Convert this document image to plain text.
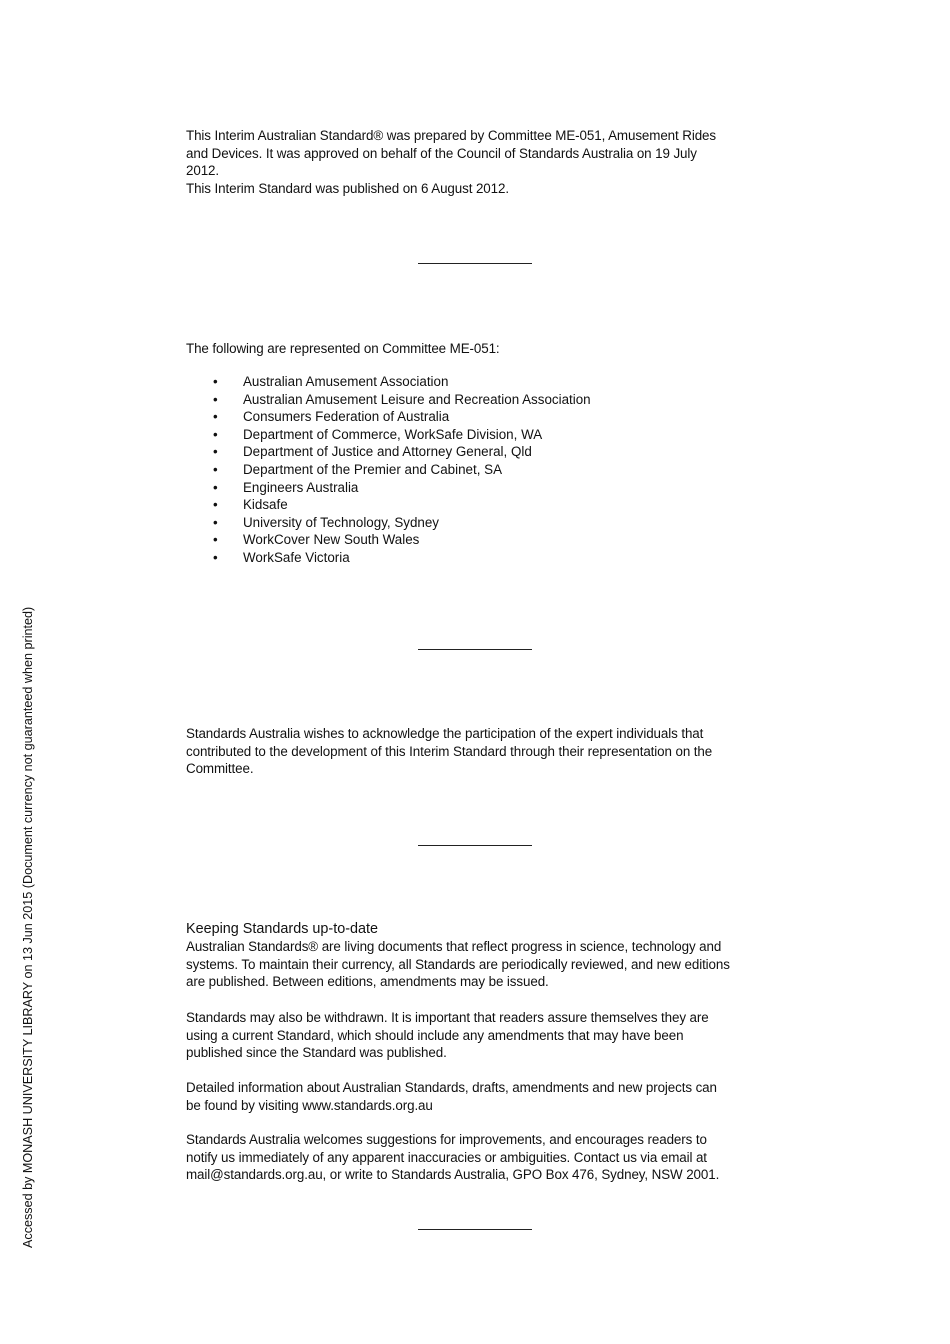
This Interim Australian Standard® was prepared by Committee ME-051, Amusement Rides
and Devices. It was approved on behalf of the Council of Standards Australia on 19 July
2012.
This Interim Standard was published on 6 August 2012.
The following are represented on Committee ME-051:
• Australian Amusement Association
• Australian Amusement Leisure and Recreation Association
• Consumers Federation of Australia
• Department of Commerce, WorkSafe Division, WA
• Department of Justice and Attorney General, Qld
• Department of the Premier and Cabinet, SA
• Engineers Australia
• Kidsafe
• University of Technology, Sydney
• WorkCover New South Wales
• WorkSafe Victoria
Standards Australia wishes to acknowledge the participation of the expert individuals that
contributed to the development of this Interim Standard through their representation on the
Committee.
Keeping Standards up-to-date
Australian Standards® are living documents that reflect progress in science, technology and
systems. To maintain their currency, all Standards are periodically reviewed, and new editions
are published. Between editions, amendments may be issued.
Standards may also be withdrawn. It is important that readers assure themselves they are
using a current Standard, which should include any amendments that may have been
published since the Standard was published.
Detailed information about Australian Standards, drafts, amendments and new projects can
be found by visiting www.standards.org.au
Standards Australia welcomes suggestions for improvements, and encourages readers to
notify us immediately of any apparent inaccuracies or ambiguities. Contact us via email at
mail@standards.org.au, or write to Standards Australia, GPO Box 476, Sydney, NSW 2001.
Accessed by MONASH UNIVERSITY LIBRARY on 13 Jun 2015 (Document currency not guaranteed when printed)
